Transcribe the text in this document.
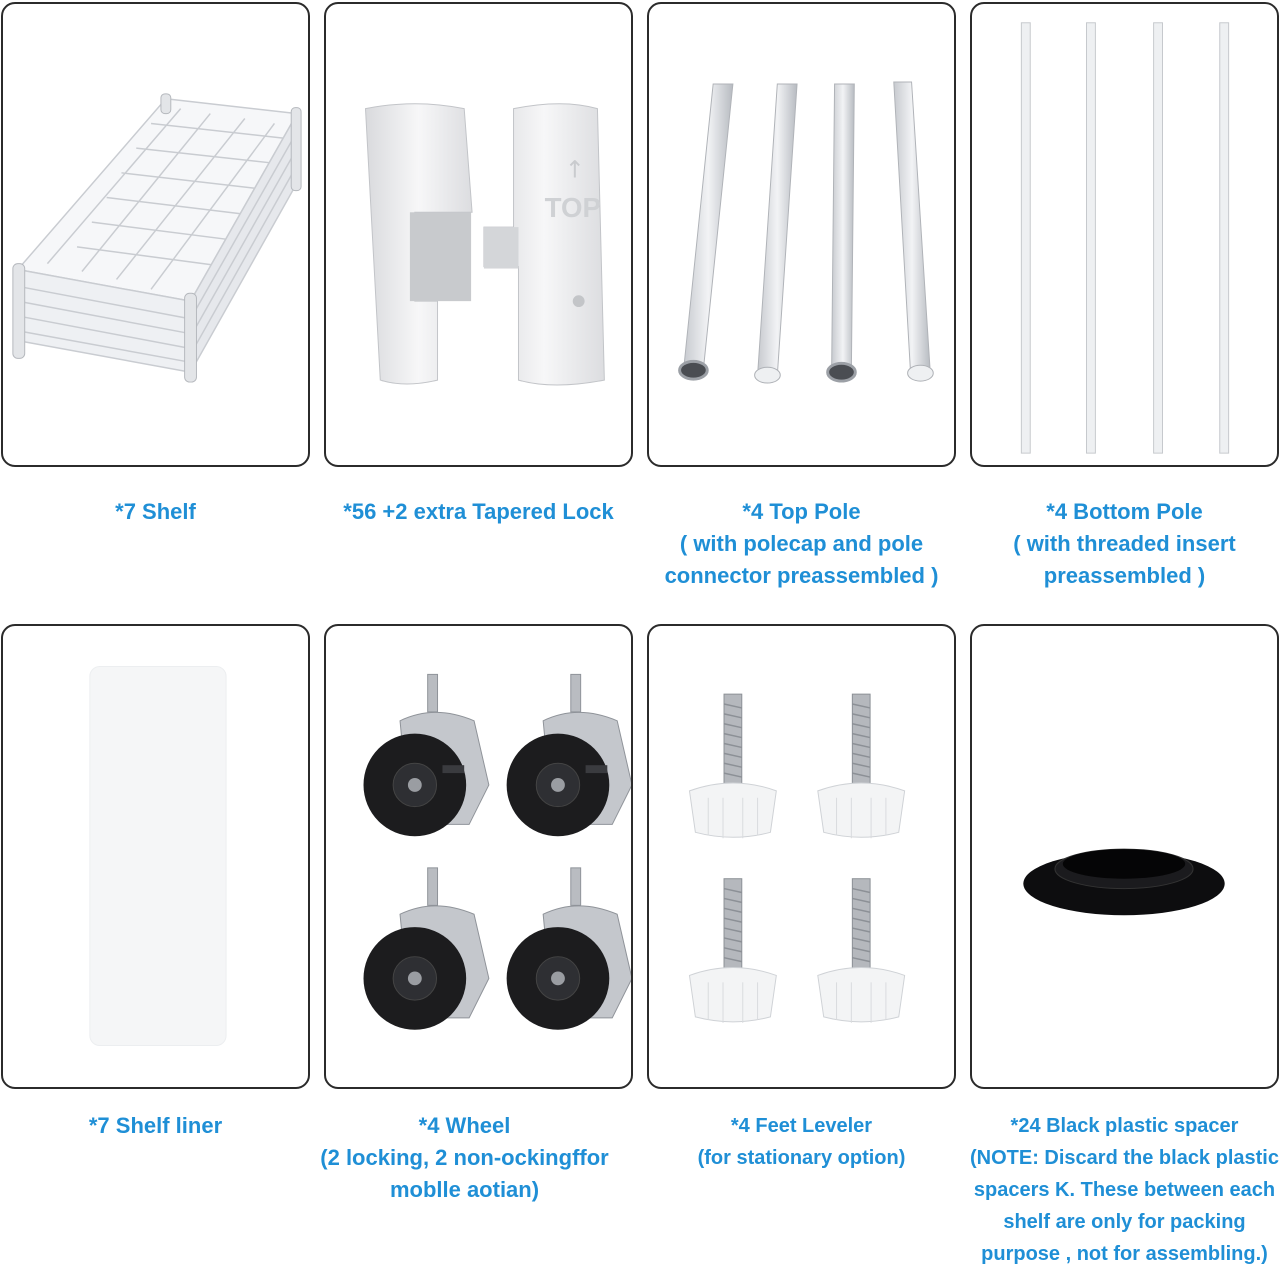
TOP
↑
*7 Shelf	*56 +2 extra Tapered Lock	*4 Top Pole
( with polecap and pole
connector preassembled )
*4 Bottom Pole
( with threaded insert
preassembled )
*7 Shelf liner	*4 Wheel
(2 locking, 2 non-ockingffor
moblle aotian)
*4 Feet Leveler
(for stationary option)
*24 Black plastic spacer
(NOTE: Discard the black plastic
spacers K. These between each
shelf are only for packing
purpose , not for assembling.)
